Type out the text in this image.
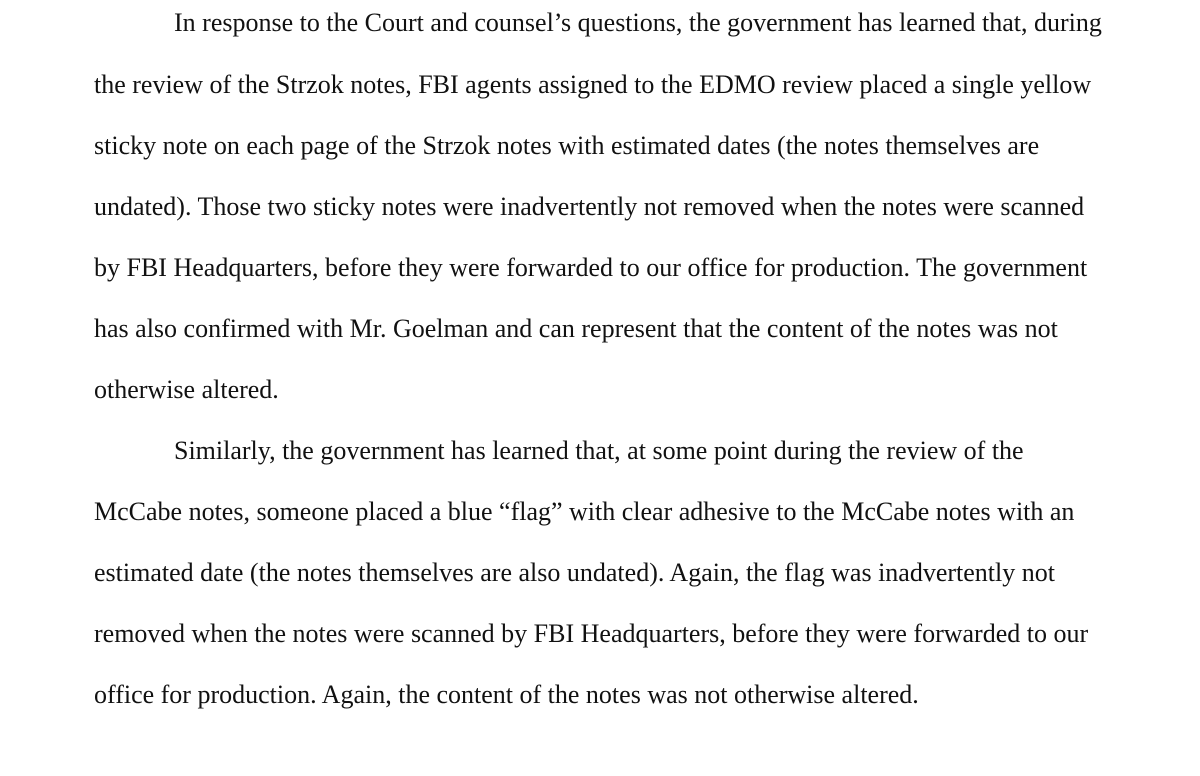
In response to the Court and counsel’s questions, the government has learned that, during
the review of the Strzok notes, FBI agents assigned to the EDMO review placed a single yellow
sticky note on each page of the Strzok notes with estimated dates (the notes themselves are
undated). Those two sticky notes were inadvertently not removed when the notes were scanned
by FBI Headquarters, before they were forwarded to our office for production. The government
has also confirmed with Mr. Goelman and can represent that the content of the notes was not
otherwise altered.
Similarly, the government has learned that, at some point during the review of the
McCabe notes, someone placed a blue “flag” with clear adhesive to the McCabe notes with an
estimated date (the notes themselves are also undated). Again, the flag was inadvertently not
removed when the notes were scanned by FBI Headquarters, before they were forwarded to our
office for production. Again, the content of the notes was not otherwise altered.
